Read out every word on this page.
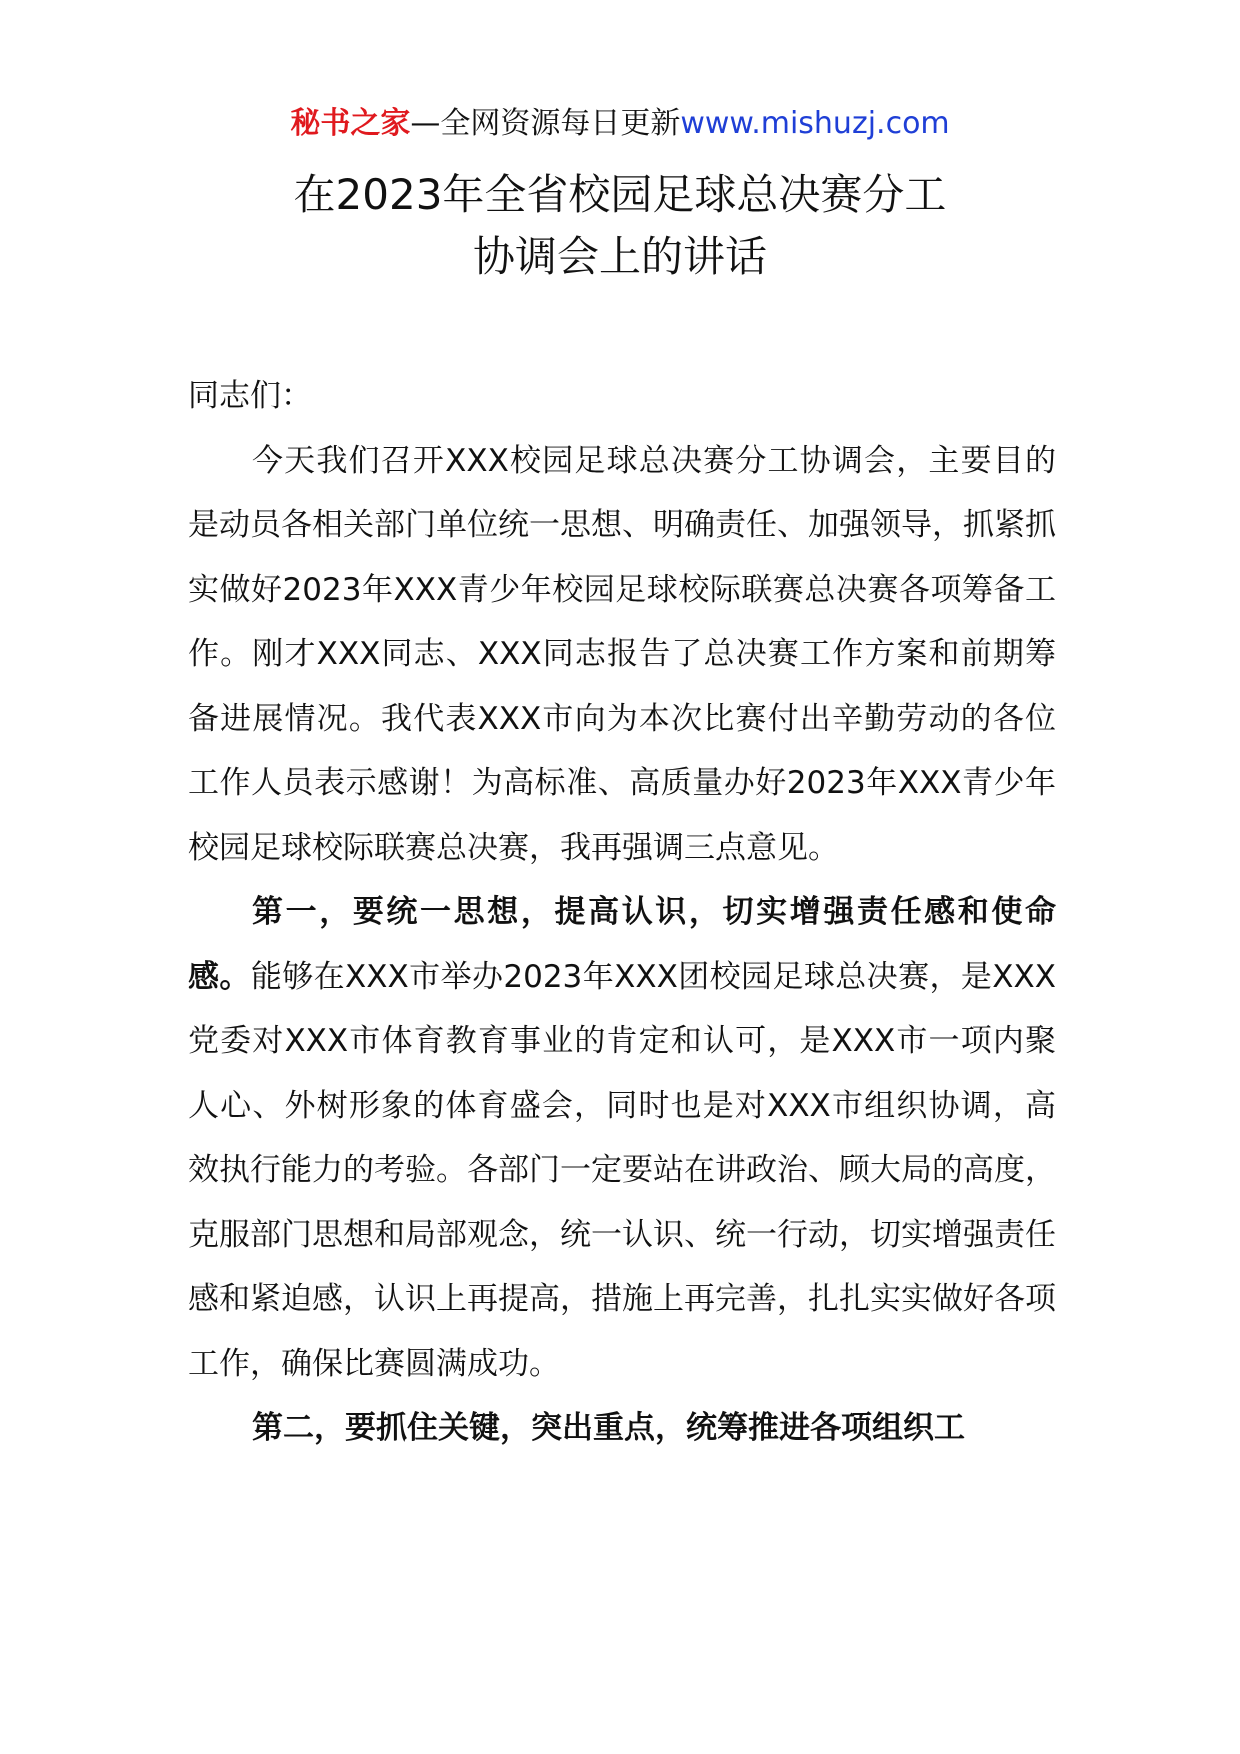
秘书之家—全网资源每日更新www.mishuzj.com
在2023年全省校园足球总决赛分工
协调会上的讲话

同志们：

今天我们召开XXX校园足球总决赛分工协调会，主要目的是动员各相关部门单位统一思想、明确责任、加强领导，抓紧抓实做好2023年XXX青少年校园足球校际联赛总决赛各项筹备工作。刚才XXX同志、XXX同志报告了总决赛工作方案和前期筹备进展情况。我代表XXX市向为本次比赛付出辛勤劳动的各位工作人员表示感谢！为高标准、高质量办好2023年XXX青少年校园足球校际联赛总决赛，我再强调三点意见。

第一，要统一思想，提高认识，切实增强责任感和使命感。能够在XXX市举办2023年XXX团校园足球总决赛，是XXX党委对XXX市体育教育事业的肯定和认可，是XXX市一项内聚人心、外树形象的体育盛会，同时也是对XXX市组织协调，高效执行能力的考验。各部门一定要站在讲政治、顾大局的高度，克服部门思想和局部观念，统一认识、统一行动，切实增强责任感和紧迫感，认识上再提高，措施上再完善，扎扎实实做好各项工作，确保比赛圆满成功。

第二，要抓住关键，突出重点，统筹推进各项组织工
